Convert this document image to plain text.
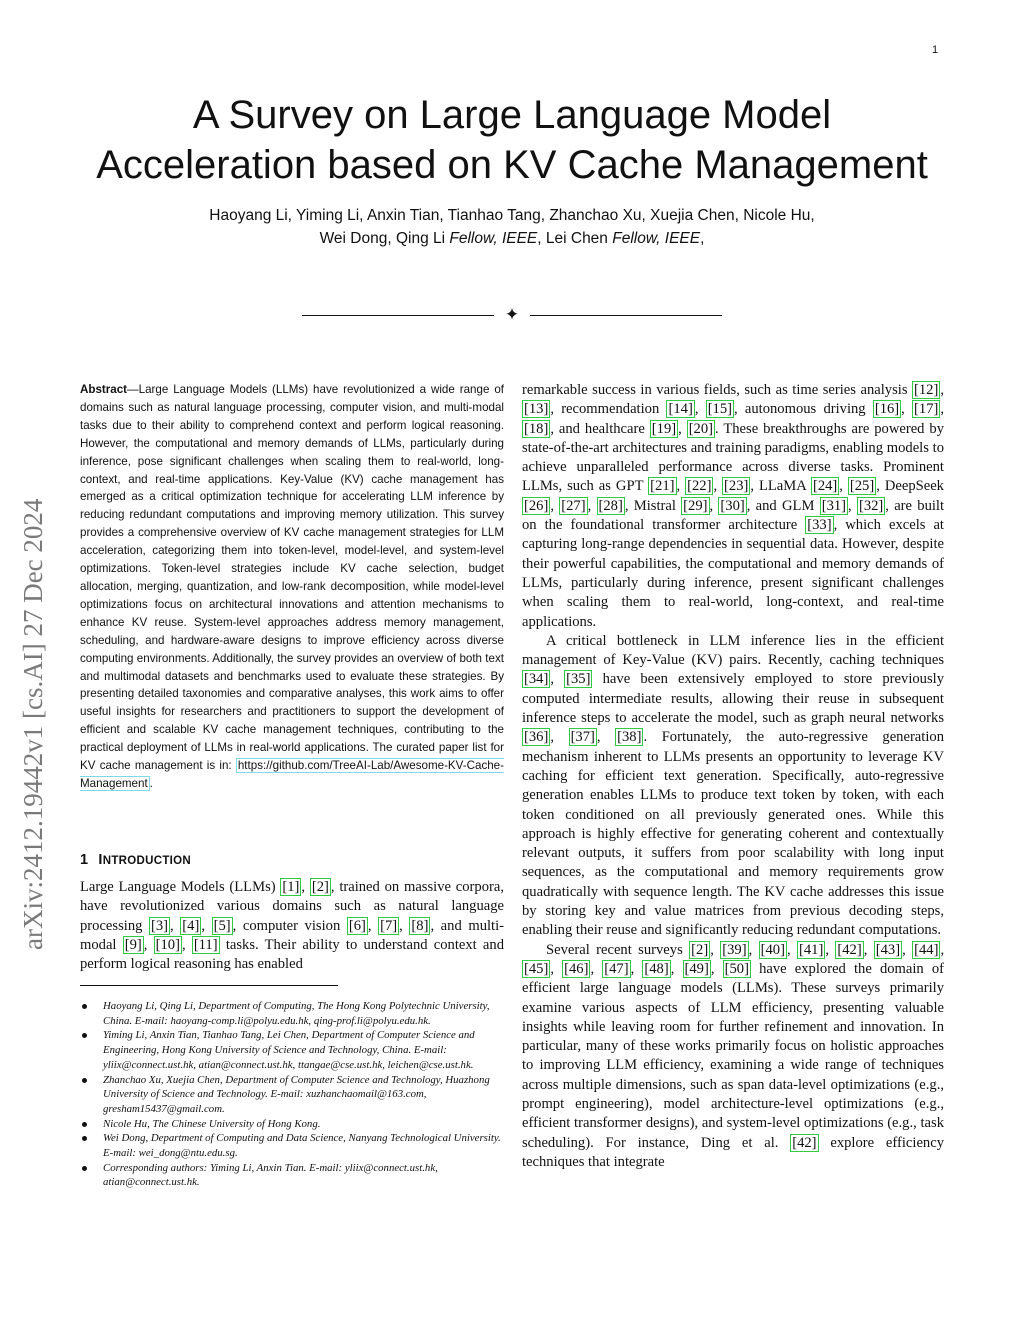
1
A Survey on Large Language Model
Acceleration based on KV Cache Management
Haoyang Li, Yiming Li, Anxin Tian, Tianhao Tang, Zhanchao Xu, Xuejia Chen, Nicole Hu,
Wei Dong, Qing Li Fellow, IEEE, Lei Chen Fellow, IEEE,
✦
arXiv:2412.19442v1 [cs.AI] 27 Dec 2024
Abstract—Large Language Models (LLMs) have revolutionized a wide range of domains such as natural language processing, computer vision, and multi-modal tasks due to their ability to comprehend context and perform logical reasoning. However, the computational and memory demands of LLMs, particularly during inference, pose significant challenges when scaling them to real-world, long-context, and real-time applications. Key-Value (KV) cache management has emerged as a critical optimization technique for accelerating LLM inference by reducing redundant computations and improving memory utilization. This survey provides a comprehensive overview of KV cache management strategies for LLM acceleration, categorizing them into token-level, model-level, and system-level optimizations. Token-level strategies include KV cache selection, budget allocation, merging, quantization, and low-rank decomposition, while model-level optimizations focus on architectural innovations and attention mechanisms to enhance KV reuse. System-level approaches address memory management, scheduling, and hardware-aware designs to improve efficiency across diverse computing environments. Additionally, the survey provides an overview of both text and multimodal datasets and benchmarks used to evaluate these strategies. By presenting detailed taxonomies and comparative analyses, this work aims to offer useful insights for researchers and practitioners to support the development of efficient and scalable KV cache management techniques, contributing to the practical deployment of LLMs in real-world applications. The curated paper list for KV cache management is in: https://github.com/TreeAI-Lab/Awesome-KV-Cache-Management .
1 INTRODUCTION
Large Language Models (LLMs) [1] , [2] , trained on massive corpora, have revolutionized various domains such as natural language processing [3] , [4] , [5] , computer vision [6] , [7] , [8] , and multi-modal [9] , [10] , [11] tasks. Their ability to understand context and perform logical reasoning has enabled
Haoyang Li, Qing Li, Department of Computing, The Hong Kong Polytechnic University, China. E-mail: haoyang-comp.li@polyu.edu.hk, qing-prof.li@polyu.edu.hk.
Yiming Li, Anxin Tian, Tianhao Tang, Lei Chen, Department of Computer Science and Engineering, Hong Kong University of Science and Technology, China. E-mail: yliix@connect.ust.hk, atian@connect.ust.hk, ttangae@cse.ust.hk, leichen@cse.ust.hk.
Zhanchao Xu, Xuejia Chen, Department of Computer Science and Technology, Huazhong University of Science and Technology. E-mail: xuzhanchaomail@163.com, gresham15437@gmail.com.
Nicole Hu, The Chinese University of Hong Kong.
Wei Dong, Department of Computing and Data Science, Nanyang Technological University. E-mail: wei_dong@ntu.edu.sg.
Corresponding authors: Yiming Li, Anxin Tian. E-mail: yliix@connect.ust.hk, atian@connect.ust.hk.

remarkable success in various fields, such as time series analysis [12] , [13] , recommendation [14] , [15] , autonomous driving [16] , [17] , [18] , and healthcare [19] , [20] . These breakthroughs are powered by state-of-the-art architectures and training paradigms, enabling models to achieve unparalleled performance across diverse tasks. Prominent LLMs, such as GPT [21] , [22] , [23] , LLaMA [24] , [25] , DeepSeek [26] , [27] , [28] , Mistral [29] , [30] , and GLM [31] , [32] , are built on the foundational transformer architecture [33] , which excels at capturing long-range dependencies in sequential data. However, despite their powerful capabilities, the computational and memory demands of LLMs, particularly during inference, present significant challenges when scaling them to real-world, long-context, and real-time applications.

A critical bottleneck in LLM inference lies in the efficient management of Key-Value (KV) pairs. Recently, caching techniques [34] , [35] have been extensively employed to store previously computed intermediate results, allowing their reuse in subsequent inference steps to accelerate the model, such as graph neural networks [36] , [37] , [38] . Fortunately, the auto-regressive generation mechanism inherent to LLMs presents an opportunity to leverage KV caching for efficient text generation. Specifically, auto-regressive generation enables LLMs to produce text token by token, with each token conditioned on all previously generated ones. While this approach is highly effective for generating coherent and contextually relevant outputs, it suffers from poor scalability with long input sequences, as the computational and memory requirements grow quadratically with sequence length. The KV cache addresses this issue by storing key and value matrices from previous decoding steps, enabling their reuse and significantly reducing redundant computations.

Several recent surveys [2] , [39] , [40] , [41] , [42] , [43] , [44] , [45] , [46] , [47] , [48] , [49] , [50] have explored the domain of efficient large language models (LLMs). These surveys primarily examine various aspects of LLM efficiency, presenting valuable insights while leaving room for further refinement and innovation. In particular, many of these works primarily focus on holistic approaches to improving LLM efficiency, examining a wide range of techniques across multiple dimensions, such as span data-level optimizations (e.g., prompt engineering), model architecture-level optimizations (e.g., efficient transformer designs), and system-level optimizations (e.g., task scheduling). For instance, Ding et al. [42] explore efficiency techniques that integrate
